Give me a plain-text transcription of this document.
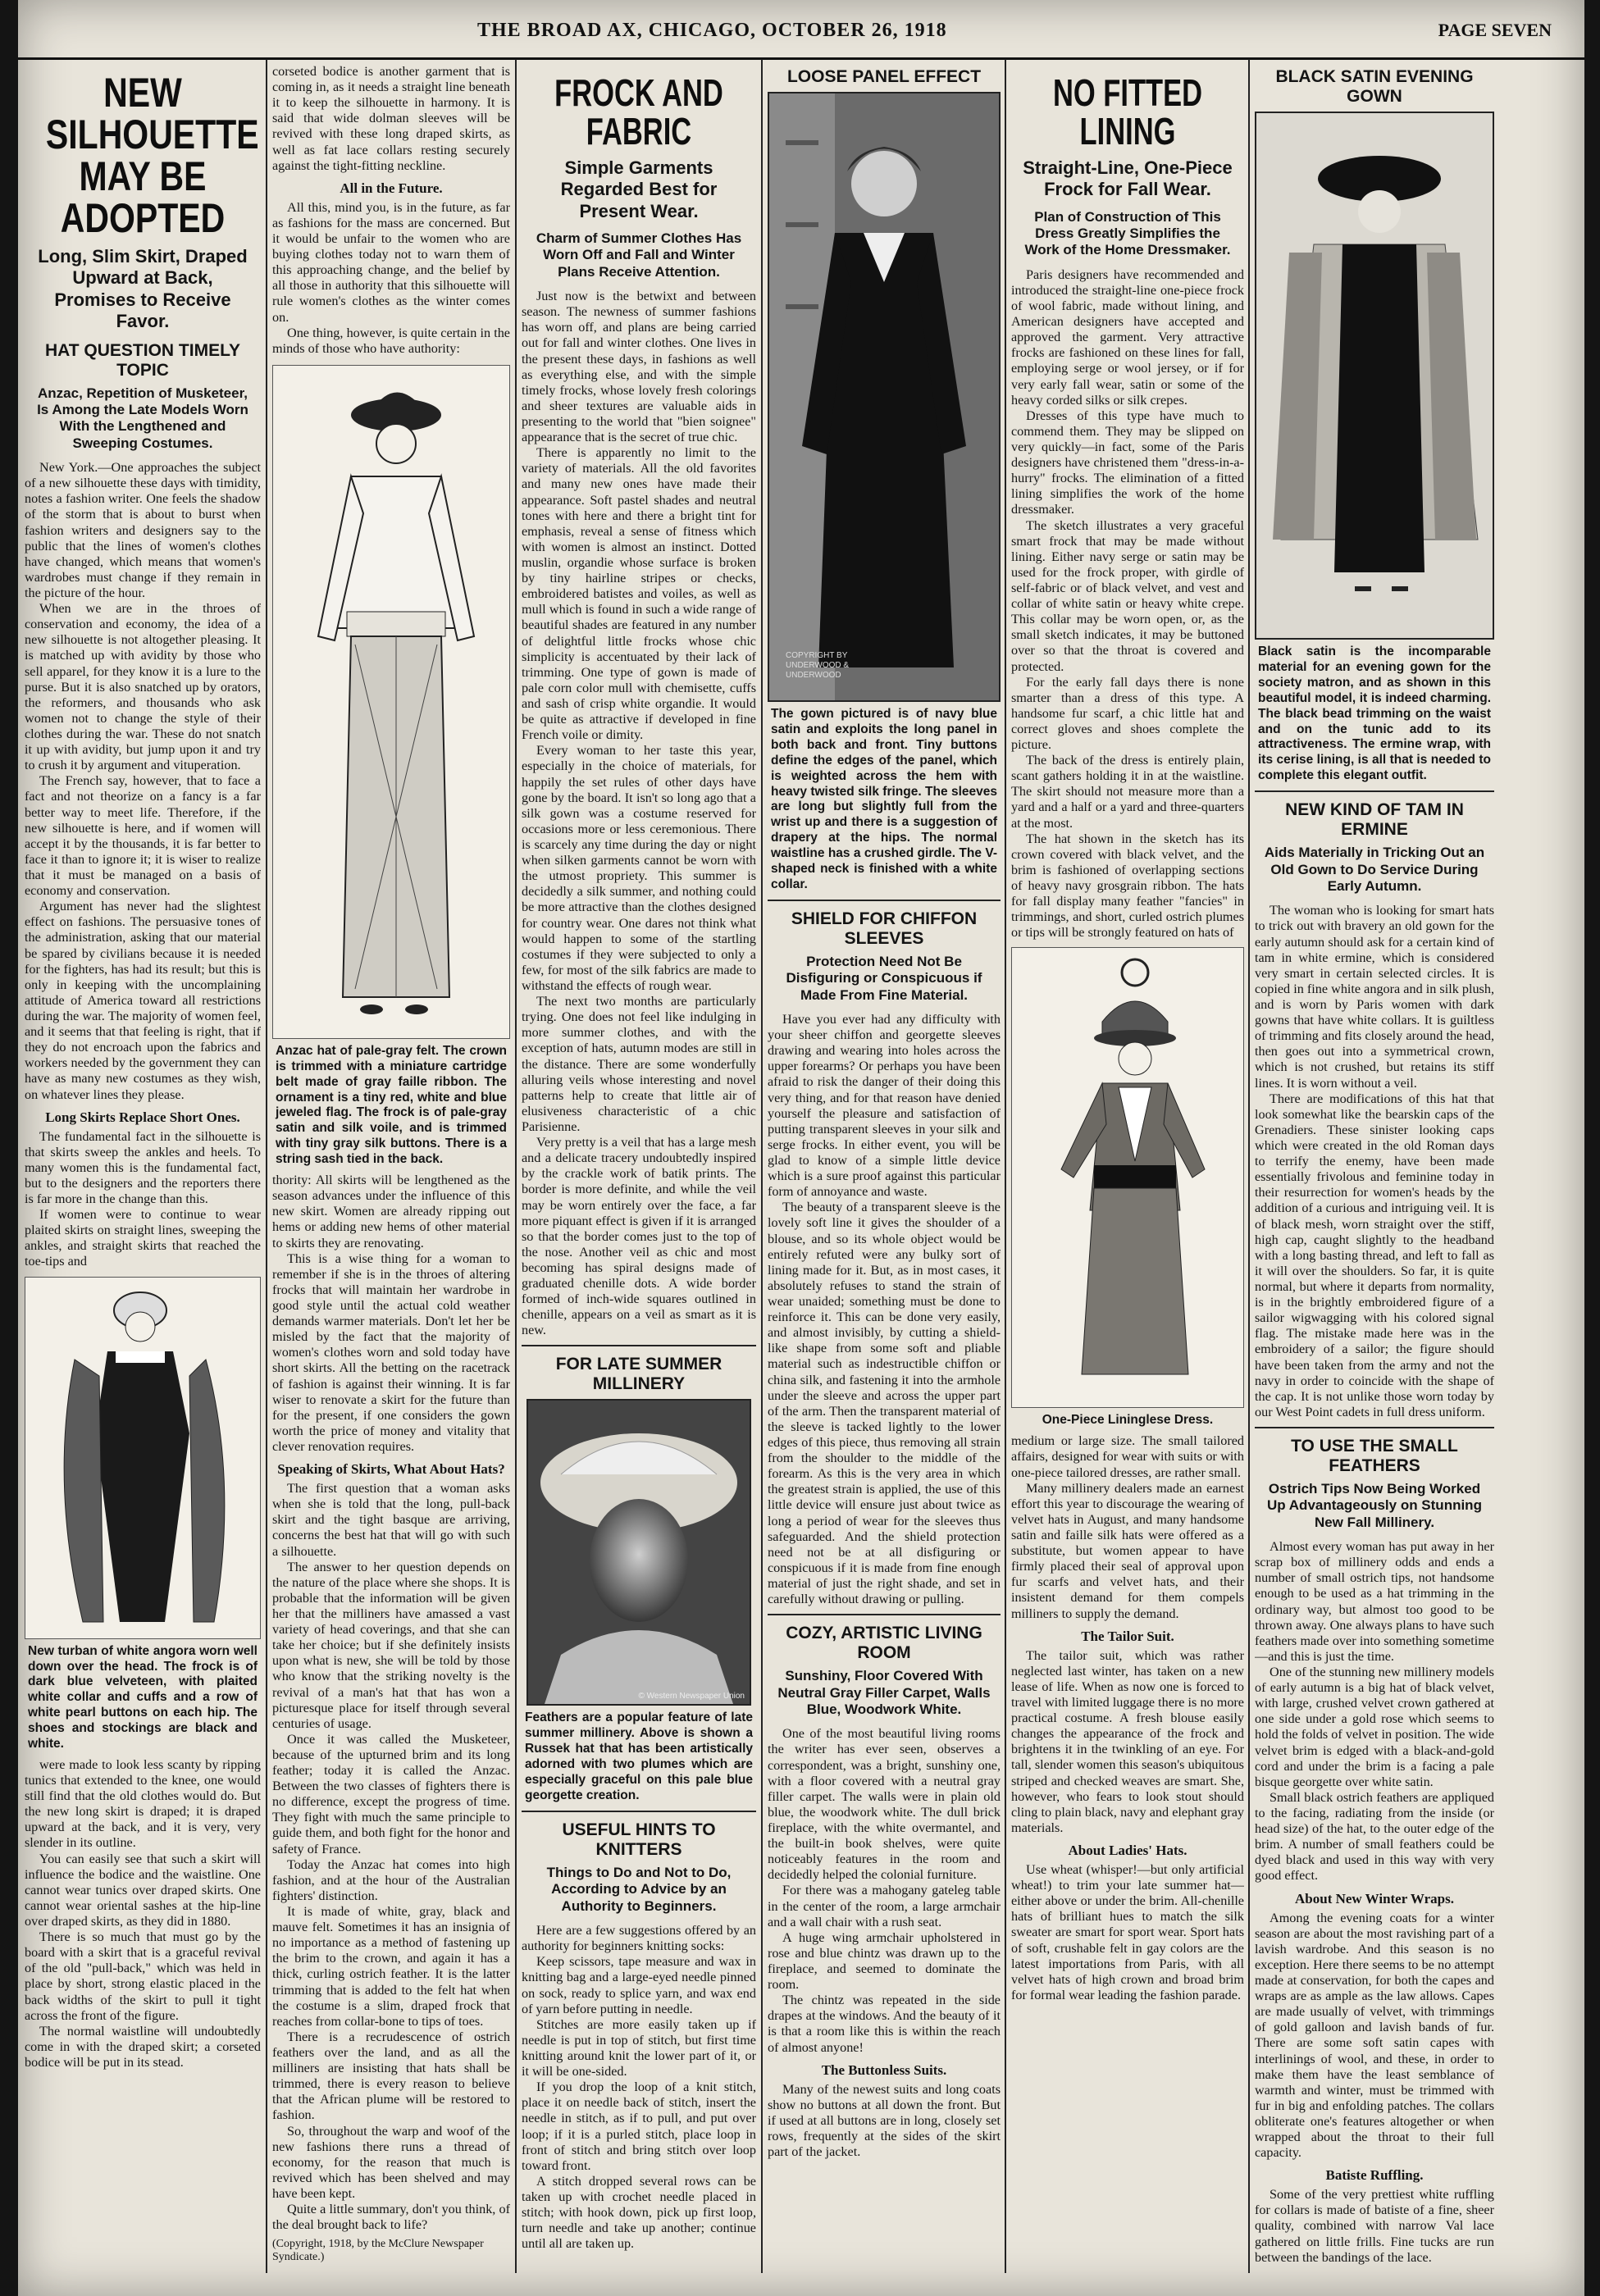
THE BROAD AX, CHICAGO, OCTOBER 26, 1918	PAGE SEVEN
NEW SILHOUETTE MAY BE ADOPTED
Long, Slim Skirt, Draped Upward at Back, Promises to Receive Favor.
HAT QUESTION TIMELY TOPIC
Anzac, Repetition of Musketeer, Is Among the Late Models Worn With the Lengthened and Sweeping Costumes.

New York.—One approaches the subject of a new silhouette these days with timidity, notes a fashion writer. One feels the shadow of the storm that is about to burst when fashion writers and designers say to the public that the lines of women's clothes have changed, which means that women's wardrobes must change if they remain in the picture of the hour.

When we are in the throes of conservation and economy, the idea of a new silhouette is not altogether pleasing. It is matched up with avidity by those who sell apparel, for they know it is a lure to the purse. But it is also snatched up by orators, the reformers, and thousands who ask women not to change the style of their clothes during the war. These do not snatch it up with avidity, but jump upon it and try to crush it by argument and vituperation.

The French say, however, that to face a fact and not theorize on a fancy is a far better way to meet life. Therefore, if the new silhouette is here, and if women will accept it by the thousands, it is far better to face it than to ignore it; it is wiser to realize that it must be managed on a basis of economy and conservation.

Argument has never had the slightest effect on fashions. The persuasive tones of the administration, asking that our material be spared by civilians because it is needed for the fighters, has had its result; but this is only in keeping with the uncomplaining attitude of America toward all restrictions during the war. The majority of women feel, and it seems that that feeling is right, that if they do not encroach upon the fabrics and workers needed by the government they can have as many new costumes as they wish, on whatever lines they please.

Long Skirts Replace Short Ones.

The fundamental fact in the silhouette is that skirts sweep the ankles and heels. To many women this is the fundamental fact, but to the designers and the reporters there is far more in the change than this.

If women were to continue to wear plaited skirts on straight lines, sweeping the ankles, and straight skirts that reached the toe-tips and

New turban of white angora worn well down over the head. The frock is of dark blue velveteen, with plaited white collar and cuffs and a row of white pearl buttons on each hip. The shoes and stockings are black and white.

were made to look less scanty by ripping tunics that extended to the knee, one would still find that the old clothes would do. But the new long skirt is draped; it is draped upward at the back, and it is very, very slender in its outline.

You can easily see that such a skirt will influence the bodice and the waistline. One cannot wear tunics over draped skirts. One cannot wear oriental sashes at the hip-line over draped skirts, as they did in 1880.

There is so much that must go by the board with a skirt that is a graceful revival of the old "pull-back," which was held in place by short, strong elastic placed in the back widths of the skirt to pull it tight across the front of the figure.

The normal waistline will undoubtedly come in with the draped skirt; a corseted bodice will be put in its stead.

corseted bodice is another garment that is coming in, as it needs a straight line beneath it to keep the silhouette in harmony. It is said that wide dolman sleeves will be revived with these long draped skirts, as well as fat lace collars resting securely against the tight-fitting neckline.

All in the Future.

All this, mind you, is in the future, as far as fashions for the mass are concerned. But it would be unfair to the women who are buying clothes today not to warn them of this approaching change, and the belief by all those in authority that this silhouette will rule women's clothes as the winter comes on.

One thing, however, is quite certain in the minds of those who have authority:

Anzac hat of pale-gray felt. The crown is trimmed with a miniature cartridge belt made of gray faille ribbon. The ornament is a tiny red, white and blue jeweled flag. The frock is of pale-gray satin and silk voile, and is trimmed with tiny gray silk buttons. There is a string sash tied in the back.

thority: All skirts will be lengthened as the season advances under the influence of this new skirt. Women are already ripping out hems or adding new hems of other material to skirts they are renovating.

This is a wise thing for a woman to remember if she is in the throes of altering frocks that will maintain her wardrobe in good style until the actual cold weather demands warmer materials. Don't let her be misled by the fact that the majority of women's clothes worn and sold today have short skirts. All the betting on the racetrack of fashion is against their winning. It is far wiser to renovate a skirt for the future than for the present, if one considers the gown worth the price of money and vitality that clever renovation requires.

Speaking of Skirts, What About Hats?

The first question that a woman asks when she is told that the long, pull-back skirt and the tight basque are arriving, concerns the best hat that will go with such a silhouette.

The answer to her question depends on the nature of the place where she shops. It is probable that the information will be given her that the milliners have amassed a vast variety of head coverings, and that she can take her choice; but if she definitely insists upon what is new, she will be told by those who know that the striking novelty is the revival of a man's hat that has won a picturesque place for itself through several centuries of usage.

Once it was called the Musketeer, because of the upturned brim and its long feather; today it is called the Anzac. Between the two classes of fighters there is no difference, except the progress of time. They fight with much the same principle to guide them, and both fight for the honor and safety of France.

Today the Anzac hat comes into high fashion, and at the hour of the Australian fighters' distinction.

It is made of white, gray, black and mauve felt. Sometimes it has an insignia of no importance as a method of fastening up the brim to the crown, and again it has a thick, curling ostrich feather. It is the latter trimming that is added to the felt hat when the costume is a slim, draped frock that reaches from collar-bone to tips of toes.

There is a recrudescence of ostrich feathers over the land, and as all the milliners are insisting that hats shall be trimmed, there is every reason to believe that the African plume will be restored to fashion.

So, throughout the warp and woof of the new fashions there runs a thread of economy, for the reason that much is revived which has been shelved and may have been kept.

Quite a little summary, don't you think, of the deal brought back to life?

(Copyright, 1918, by the McClure Newspaper Syndicate.)
FROCK AND FABRIC
Simple Garments Regarded Best for Present Wear.
Charm of Summer Clothes Has Worn Off and Fall and Winter Plans Receive Attention.

Just now is the betwixt and between season. The newness of summer fashions has worn off, and plans are being carried out for fall and winter clothes. One lives in the present these days, in fashions as well as everything else, and with the simple timely frocks, whose lovely fresh colorings and sheer textures are valuable aids in presenting to the world that "bien soignee" appearance that is the secret of true chic.

There is apparently no limit to the variety of materials. All the old favorites and many new ones have made their appearance. Soft pastel shades and neutral tones with here and there a bright tint for emphasis, reveal a sense of fitness which with women is almost an instinct. Dotted muslin, organdie whose surface is broken by tiny hairline stripes or checks, embroidered batistes and voiles, as well as mull which is found in such a wide range of beautiful shades are featured in any number of delightful little frocks whose chic simplicity is accentuated by their lack of trimming. One type of gown is made of pale corn color mull with chemisette, cuffs and sash of crisp white organdie. It would be quite as attractive if developed in fine French voile or dimity.

Every woman to her taste this year, especially in the choice of materials, for happily the set rules of other days have gone by the board. It isn't so long ago that a silk gown was a costume reserved for occasions more or less ceremonious. There is scarcely any time during the day or night when silken garments cannot be worn with the utmost propriety. This summer is decidedly a silk summer, and nothing could be more attractive than the clothes designed for country wear. One dares not think what would happen to some of the startling costumes if they were subjected to only a few, for most of the silk fabrics are made to withstand the effects of rough wear.

The next two months are particularly trying. One does not feel like indulging in more summer clothes, and with the exception of hats, autumn modes are still in the distance. There are some wonderfully alluring veils whose interesting and novel patterns help to create that little air of elusiveness characteristic of a chic Parisienne.

Very pretty is a veil that has a large mesh and a delicate tracery undoubtedly inspired by the crackle work of batik prints. The border is more definite, and while the veil may be worn entirely over the face, a far more piquant effect is given if it is arranged so that the border comes just to the top of the nose. Another veil as chic and most becoming has spiral designs made of graduated chenille dots. A wide border formed of inch-wide squares outlined in chenille, appears on a veil as smart as it is new.

FOR LATE SUMMER MILLINERY
© Western Newspaper Union

Feathers are a popular feature of late summer millinery. Above is shown a Russek hat that has been artistically adorned with two plumes which are especially graceful on this pale blue georgette creation.

USEFUL HINTS TO KNITTERS
Things to Do and Not to Do, According to Advice by an Authority to Beginners.

Here are a few suggestions offered by an authority for beginners knitting socks:

Keep scissors, tape measure and wax in knitting bag and a large-eyed needle pinned on sock, ready to splice yarn, and wax end of yarn before putting in needle.

Stitches are more easily taken up if needle is put in top of stitch, but first time knitting around knit the lower part of it, or it will be one-sided.

If you drop the loop of a knit stitch, place it on needle back of stitch, insert the needle in stitch, as if to pull, and put over loop; if it is a purled stitch, place loop in front of stitch and bring stitch over loop toward front.

A stitch dropped several rows can be taken up with crochet needle placed in stitch; with hook down, pick up first loop, turn needle and take up another; continue until all are taken up.

LOOSE PANEL EFFECT
COPYRIGHT BY UNDERWOOD & UNDERWOOD

The gown pictured is of navy blue satin and exploits the long panel in both back and front. Tiny buttons define the edges of the panel, which is weighted across the hem with heavy twisted silk fringe. The sleeves are long but slightly full from the wrist up and there is a suggestion of drapery at the hips. The normal waistline has a crushed girdle. The V-shaped neck is finished with a white collar.

SHIELD FOR CHIFFON SLEEVES
Protection Need Not Be Disfiguring or Conspicuous if Made From Fine Material.

Have you ever had any difficulty with your sheer chiffon and georgette sleeves drawing and wearing into holes across the upper forearms? Or perhaps you have been afraid to risk the danger of their doing this very thing, and for that reason have denied yourself the pleasure and satisfaction of putting transparent sleeves in your silk and serge frocks. In either event, you will be glad to know of a simple little device which is a sure proof against this particular form of annoyance and waste.

The beauty of a transparent sleeve is the lovely soft line it gives the shoulder of a blouse, and so its whole object would be entirely refuted were any bulky sort of lining made for it. But, as in most cases, it absolutely refuses to stand the strain of wear unaided; something must be done to reinforce it. This can be done very easily, and almost invisibly, by cutting a shield-like shape from some soft and pliable material such as indestructible chiffon or china silk, and fastening it into the armhole under the sleeve and across the upper part of the arm. Then the transparent material of the sleeve is tacked lightly to the lower edges of this piece, thus removing all strain from the shoulder to the middle of the forearm. As this is the very area in which the greatest strain is applied, the use of this little device will ensure just about twice as long a period of wear for the sleeves thus safeguarded. And the shield protection need not be at all disfiguring or conspicuous if it is made from fine enough material of just the right shade, and set in carefully without drawing or pulling.

COZY, ARTISTIC LIVING ROOM
Sunshiny, Floor Covered With Neutral Gray Filler Carpet, Walls Blue, Woodwork White.

One of the most beautiful living rooms the writer has ever seen, observes a correspondent, was a bright, sunshiny one, with a floor covered with a neutral gray filler carpet. The walls were in plain old blue, the woodwork white. The dull brick fireplace, with the white overmantel, and the built-in book shelves, were quite noticeably features in the room and decidedly helped the colonial furniture.

For there was a mahogany gateleg table in the center of the room, a large armchair and a wall chair with a rush seat.

A huge wing armchair upholstered in rose and blue chintz was drawn up to the fireplace, and seemed to dominate the room.

The chintz was repeated in the side drapes at the windows. And the beauty of it is that a room like this is within the reach of almost anyone!

The Buttonless Suits.

Many of the newest suits and long coats show no buttons at all down the front. But if used at all buttons are in long, closely set rows, frequently at the sides of the skirt part of the jacket.

NO FITTED LINING
Straight-Line, One-Piece Frock for Fall Wear.
Plan of Construction of This Dress Greatly Simplifies the Work of the Home Dressmaker.

Paris designers have recommended and introduced the straight-line one-piece frock of wool fabric, made without lining, and American designers have accepted and approved the garment. Very attractive frocks are fashioned on these lines for fall, employing serge or wool jersey, or if for very early fall wear, satin or some of the heavy corded silks or silk crepes.

Dresses of this type have much to commend them. They may be slipped on very quickly—in fact, some of the Paris designers have christened them "dress-in-a-hurry" frocks. The elimination of a fitted lining simplifies the work of the home dressmaker.

The sketch illustrates a very graceful smart frock that may be made without lining. Either navy serge or satin may be used for the frock proper, with girdle of self-fabric or of black velvet, and vest and collar of white satin or heavy white crepe. This collar may be worn open, or, as the small sketch indicates, it may be buttoned over so that the throat is covered and protected.

For the early fall days there is none smarter than a dress of this type. A handsome fur scarf, a chic little hat and correct gloves and shoes complete the picture.

The back of the dress is entirely plain, scant gathers holding it in at the waistline. The skirt should not measure more than a yard and a half or a yard and three-quarters at the most.

The hat shown in the sketch has its crown covered with black velvet, and the brim is fashioned of overlapping sections of heavy navy grosgrain ribbon. The hats for fall display many feather "fancies" in trimmings, and short, curled ostrich plumes or tips will be strongly featured on hats of

One-Piece Lininglese Dress.

medium or large size. The small tailored affairs, designed for wear with suits or with one-piece tailored dresses, are rather small.

Many millinery dealers made an earnest effort this year to discourage the wearing of velvet hats in August, and many handsome satin and faille silk hats were offered as a substitute, but women appear to have firmly placed their seal of approval upon fur scarfs and velvet hats, and their insistent demand for them compels milliners to supply the demand.

The Tailor Suit.

The tailor suit, which was rather neglected last winter, has taken on a new lease of life. When as now one is forced to travel with limited luggage there is no more practical costume. A fresh blouse easily changes the appearance of the frock and brightens it in the twinkling of an eye. For tall, slender women this season's ubiquitous striped and checked weaves are smart. She, however, who fears to look stout should cling to plain black, navy and elephant gray materials.

About Ladies' Hats.

Use wheat (whisper!—but only artificial wheat!) to trim your late summer hat—either above or under the brim. All-chenille hats of brilliant hues to match the silk sweater are smart for sport wear. Sport hats of soft, crushable felt in gay colors are the latest importations from Paris, with all velvet hats of high crown and broad brim for formal wear leading the fashion parade.

BLACK SATIN EVENING GOWN

Black satin is the incomparable material for an evening gown for the society matron, and as shown in this beautiful model, it is indeed charming. The black bead trimming on the waist and on the tunic add to its attractiveness. The ermine wrap, with its cerise lining, is all that is needed to complete this elegant outfit.

NEW KIND OF TAM IN ERMINE
Aids Materially in Tricking Out an Old Gown to Do Service During Early Autumn.

The woman who is looking for smart hats to trick out with bravery an old gown for the early autumn should ask for a certain kind of tam in white ermine, which is considered very smart in certain selected circles. It is copied in fine white angora and in silk plush, and is worn by Paris women with dark gowns that have white collars. It is guiltless of trimming and fits closely around the head, then goes out into a symmetrical crown, which is not crushed, but retains its stiff lines. It is worn without a veil.

There are modifications of this hat that look somewhat like the bearskin caps of the Grenadiers. These sinister looking caps which were created in the old Roman days to terrify the enemy, have been made essentially frivolous and feminine today in their resurrection for women's heads by the addition of a curious and intriguing veil. It is of black mesh, worn straight over the stiff, high cap, caught slightly to the headband with a long basting thread, and left to fall as it will over the shoulders. So far, it is quite normal, but where it departs from normality, is in the brightly embroidered figure of a sailor wigwagging with his colored signal flag. The mistake made here was in the embroidery of a sailor; the figure should have been taken from the army and not the navy in order to coincide with the shape of the cap. It is not unlike those worn today by our West Point cadets in full dress uniform.

TO USE THE SMALL FEATHERS
Ostrich Tips Now Being Worked Up Advantageously on Stunning New Fall Millinery.

Almost every woman has put away in her scrap box of millinery odds and ends a number of small ostrich tips, not handsome enough to be used as a hat trimming in the ordinary way, but almost too good to be thrown away. One always plans to have such feathers made over into something sometime—and this is just the time.

One of the stunning new millinery models of early autumn is a big hat of black velvet, with large, crushed velvet crown gathered at one side under a gold rose which seems to hold the folds of velvet in position. The wide velvet brim is edged with a black-and-gold cord and under the brim is a facing a pale bisque georgette over white satin.

Small black ostrich feathers are appliqued to the facing, radiating from the inside (or head size) of the hat, to the outer edge of the brim. A number of small feathers could be dyed black and used in this way with very good effect.

About New Winter Wraps.

Among the evening coats for a winter season are about the most ravishing part of a lavish wardrobe. And this season is no exception. Here there seems to be no attempt made at conservation, for both the capes and wraps are as ample as the law allows. Capes are made usually of velvet, with trimmings of gold galloon and lavish bands of fur. There are some soft satin capes with interlinings of wool, and these, in order to make them have the least semblance of warmth and winter, must be trimmed with fur in big and enfolding patches. The collars obliterate one's features altogether or when wrapped about the throat to their full capacity.

Batiste Ruffling.

Some of the very prettiest white ruffling for collars is made of batiste of a fine, sheer quality, combined with narrow Val lace gathered on little frills. Fine tucks are run between the bandings of the lace.
